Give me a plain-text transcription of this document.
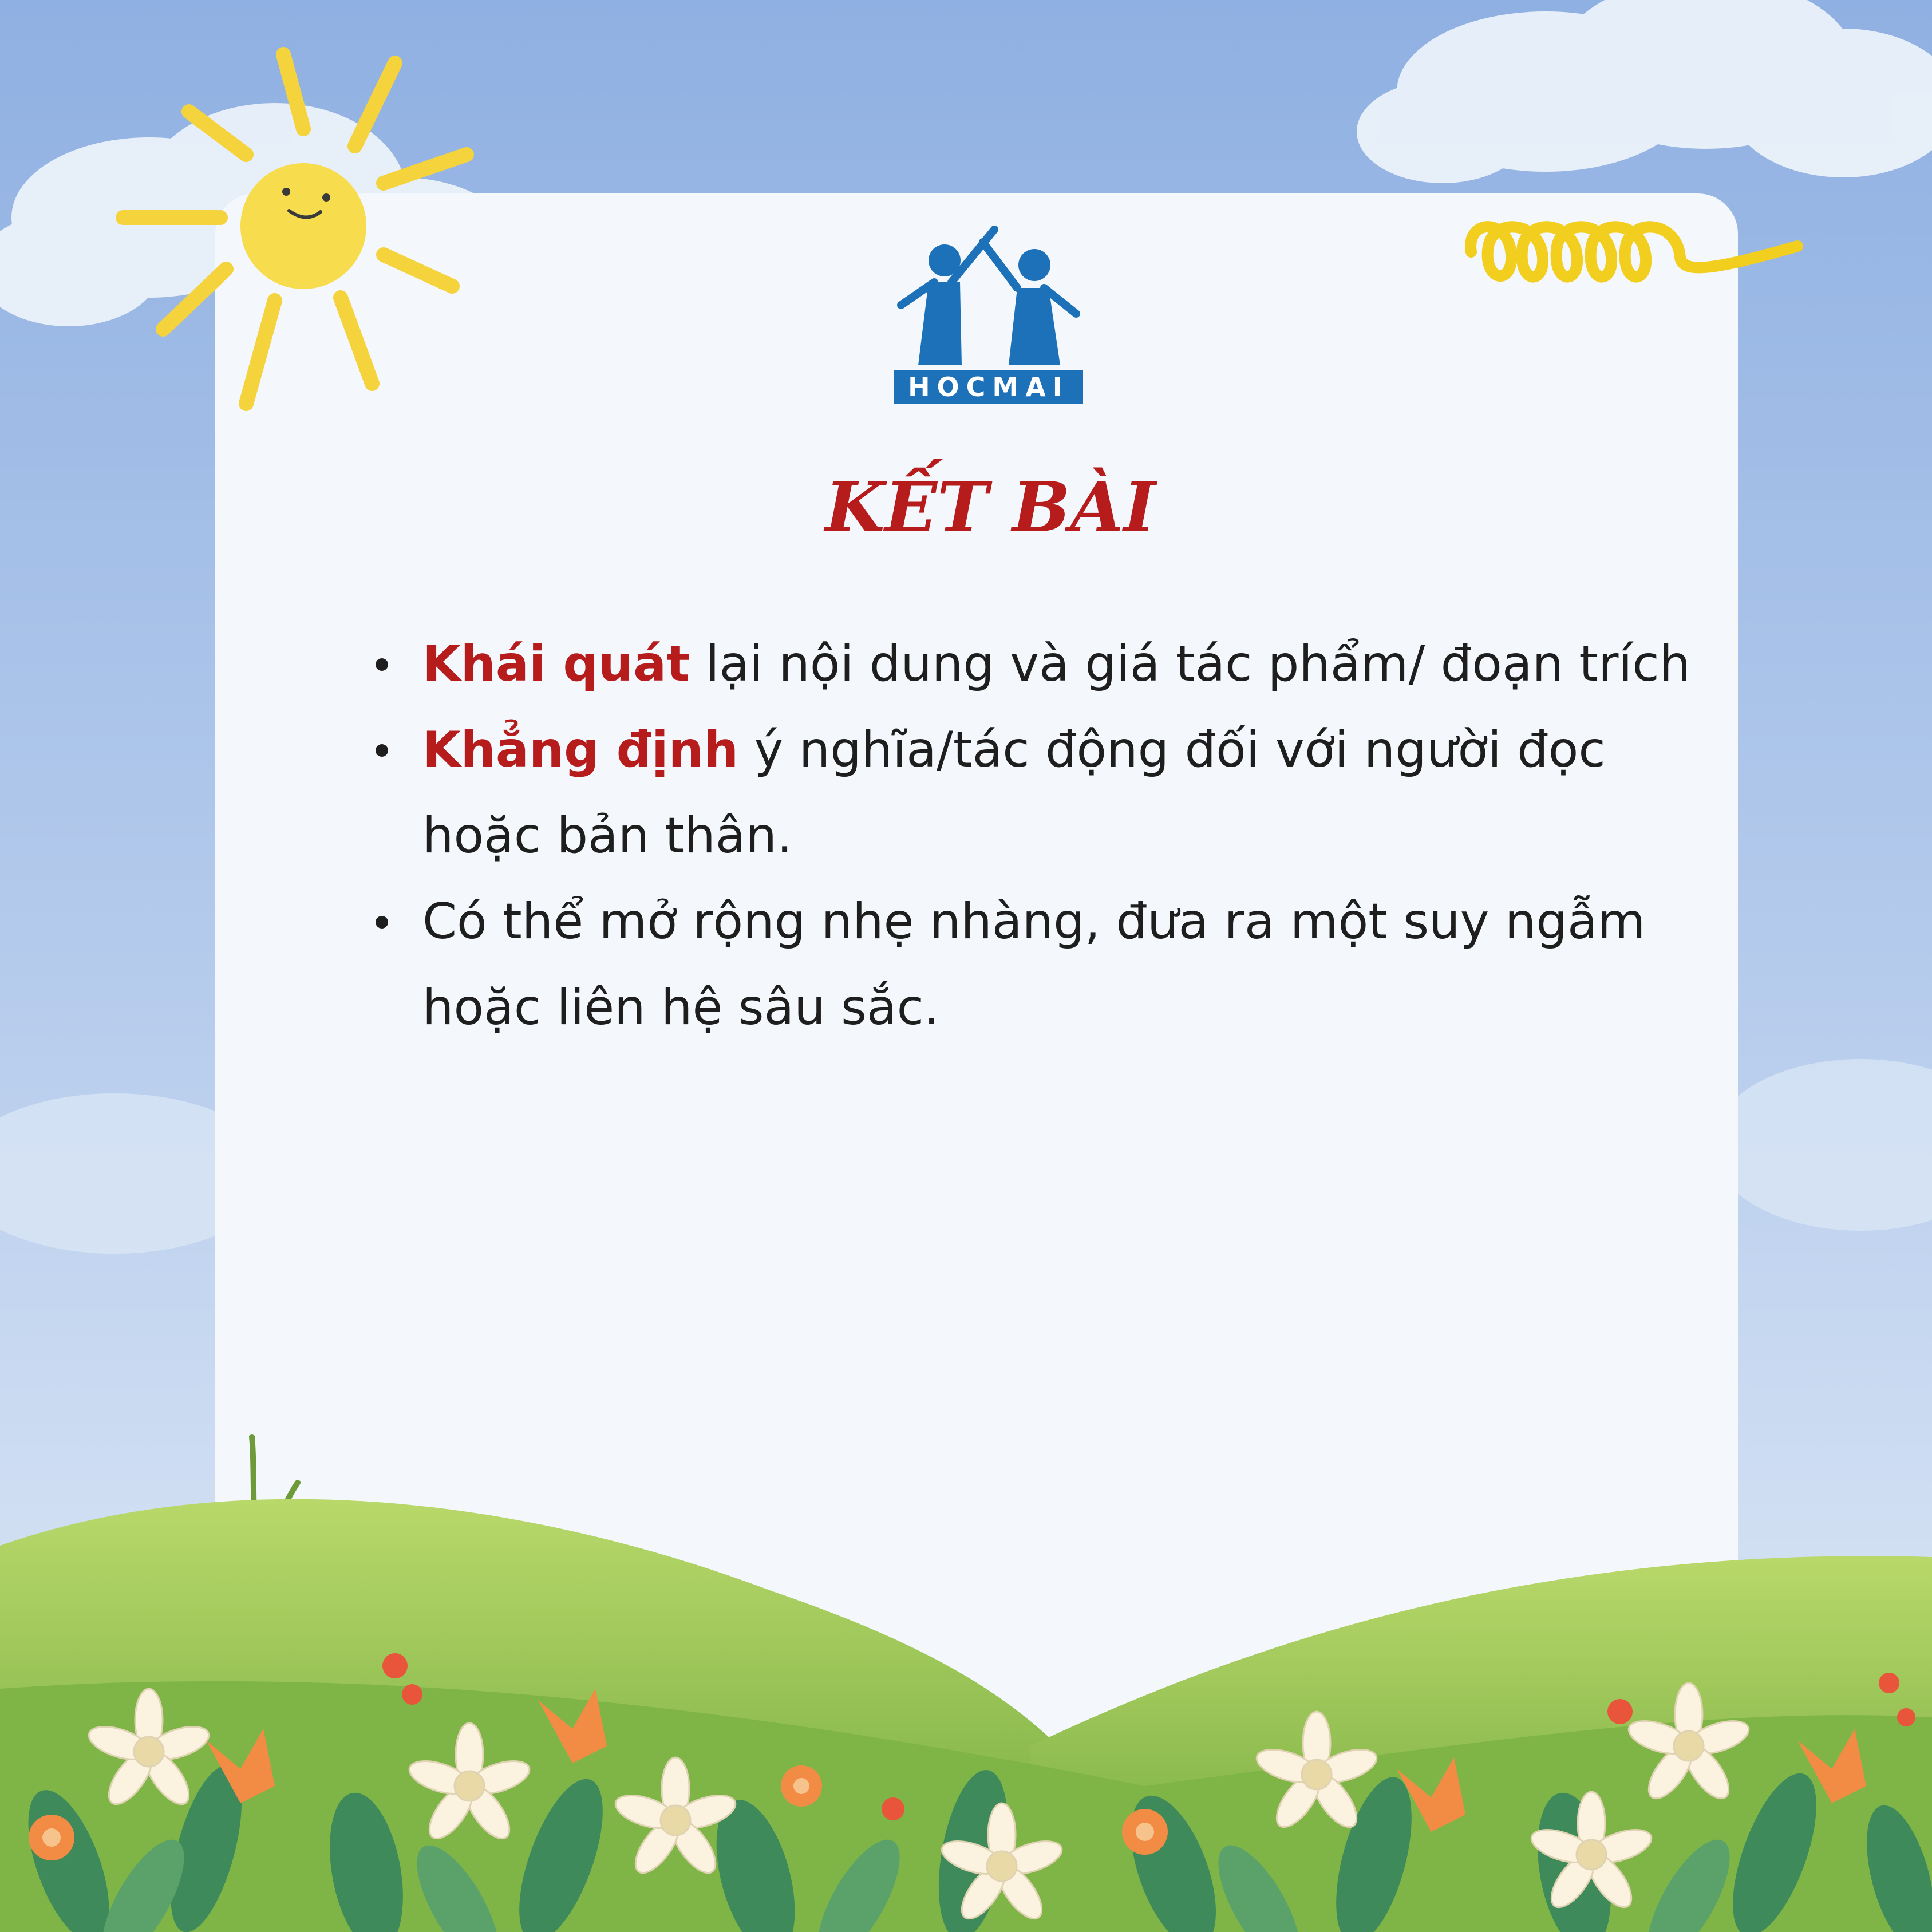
HOCMAI
KẾT BÀI
Khái quát lại nội dung và giá tác phẩm/ đoạn trích
Khẳng định ý nghĩa/tác động đối với người đọc hoặc bản thân.
Có thể mở rộng nhẹ nhàng, đưa ra một suy ngẫm hoặc liên hệ sâu sắc.
